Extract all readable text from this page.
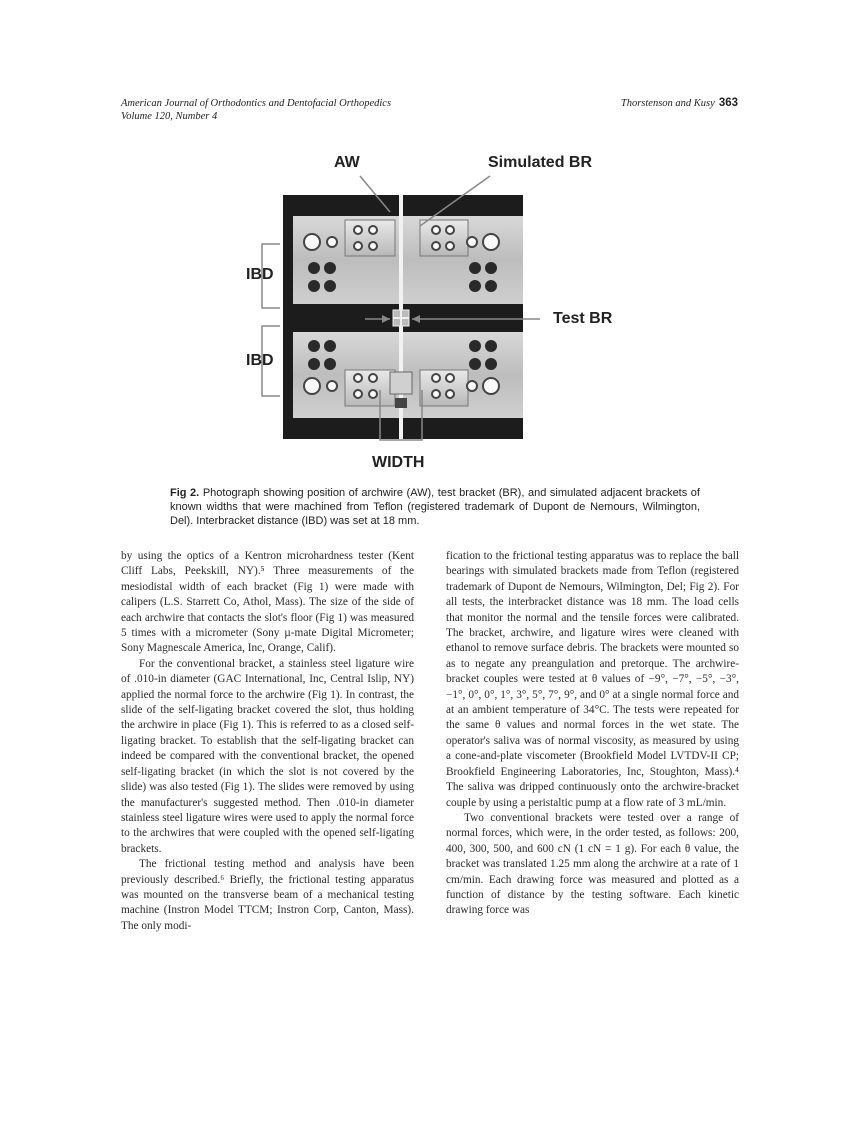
American Journal of Orthodontics and Dentofacial Orthopedics
Volume 120, Number 4
Thorstenson and Kusy 363
AW	Simulated BR
IBD
IBD
Test BR
WIDTH
Fig 2. Photograph showing position of archwire (AW), test bracket (BR), and simulated adjacent brackets of known widths that were machined from Teflon (registered trademark of Dupont de Nemours, Wilmington, Del). Interbracket distance (IBD) was set at 18 mm.

by using the optics of a Kentron microhardness tester (Kent Cliff Labs, Peekskill, NY).⁵ Three measurements of the mesiodistal width of each bracket (Fig 1) were made with calipers (L.S. Starrett Co, Athol, Mass). The size of the side of each archwire that contacts the slot's floor (Fig 1) was measured 5 times with a micrometer (Sony µ-mate Digital Micrometer; Sony Magnescale America, Inc, Orange, Calif).

For the conventional bracket, a stainless steel ligature wire of .010-in diameter (GAC International, Inc, Central Islip, NY) applied the normal force to the archwire (Fig 1). In contrast, the slide of the self-ligating bracket covered the slot, thus holding the archwire in place (Fig 1). This is referred to as a closed self-ligating bracket. To establish that the self-ligating bracket can indeed be compared with the conventional bracket, the opened self-ligating bracket (in which the slot is not covered by the slide) was also tested (Fig 1). The slides were removed by using the manufacturer's suggested method. Then .010-in diameter stainless steel ligature wires were used to apply the normal force to the archwires that were coupled with the opened self-ligating brackets.

The frictional testing method and analysis have been previously described.⁶ Briefly, the frictional testing apparatus was mounted on the transverse beam of a mechanical testing machine (Instron Model TTCM; Instron Corp, Canton, Mass). The only modi-

fication to the frictional testing apparatus was to replace the ball bearings with simulated brackets made from Teflon (registered trademark of Dupont de Nemours, Wilmington, Del; Fig 2). For all tests, the interbracket distance was 18 mm. The load cells that monitor the normal and the tensile forces were calibrated. The bracket, archwire, and ligature wires were cleaned with ethanol to remove surface debris. The brackets were mounted so as to negate any preangulation and pretorque. The archwire-bracket couples were tested at θ values of −9°, −7°, −5°, −3°, −1°, 0°, 0°, 1°, 3°, 5°, 7°, 9°, and 0° at a single normal force and at an ambient temperature of 34°C. The tests were repeated for the same θ values and normal forces in the wet state. The operator's saliva was of normal viscosity, as measured by using a cone-and-plate viscometer (Brookfield Model LVTDV-II CP; Brookfield Engineering Laboratories, Inc, Stoughton, Mass).⁴ The saliva was dripped continuously onto the archwire-bracket couple by using a peristaltic pump at a flow rate of 3 mL/min.

Two conventional brackets were tested over a range of normal forces, which were, in the order tested, as follows: 200, 400, 300, 500, and 600 cN (1 cN = 1 g). For each θ value, the bracket was translated 1.25 mm along the archwire at a rate of 1 cm/min. Each drawing force was measured and plotted as a function of distance by the testing software. Each kinetic drawing force was
